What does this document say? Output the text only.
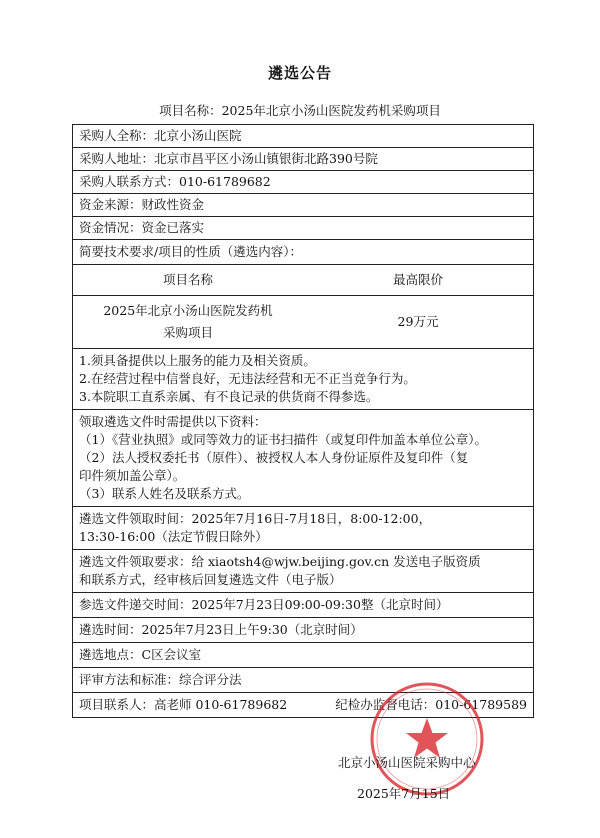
遴选公告
项目名称：2025年北京小汤山医院发药机采购项目
采购人全称：北京小汤山医院
采购人地址：北京市昌平区小汤山镇银街北路390号院
采购人联系方式：010-61789682
资金来源：财政性资金
资金情况：资金已落实
简要技术要求/项目的性质（遴选内容）：

项目名称	最高限价

2025年北京小汤山医院发药机
采购项目
	29万元

1.须具备提供以上服务的能力及相关资质。
2.在经营过程中信誉良好，无违法经营和无不正当竞争行为。
3.本院职工直系亲属、有不良记录的供货商不得参选。

领取遴选文件时需提供以下资料：
（1）《营业执照》或同等效力的证书扫描件（或复印件加盖本单位公章）。
（2）法人授权委托书（原件）、被授权人本人身份证原件及复印件（复
印件须加盖公章）。
（3）联系人姓名及联系方式。

遴选文件领取时间：2025年7月16日-7月18日，8:00-12:00，
13:30-16:00（法定节假日除外）

遴选文件领取要求：给 xiaotsh4@wjw.beijing.gov.cn 发送电子版资质
和联系方式，经审核后回复遴选文件（电子版）

参选文件递交时间：2025年7月23日09:00-09:30整（北京时间）
遴选时间：2025年7月23日上午9:30（北京时间）
遴选地点：C区会议室
评审方法和标准：综合评分法
项目联系人：高老师 010-61789682	纪检办监督电话：010-61789589
北京小汤山医院采购中心
2025年7月15日
